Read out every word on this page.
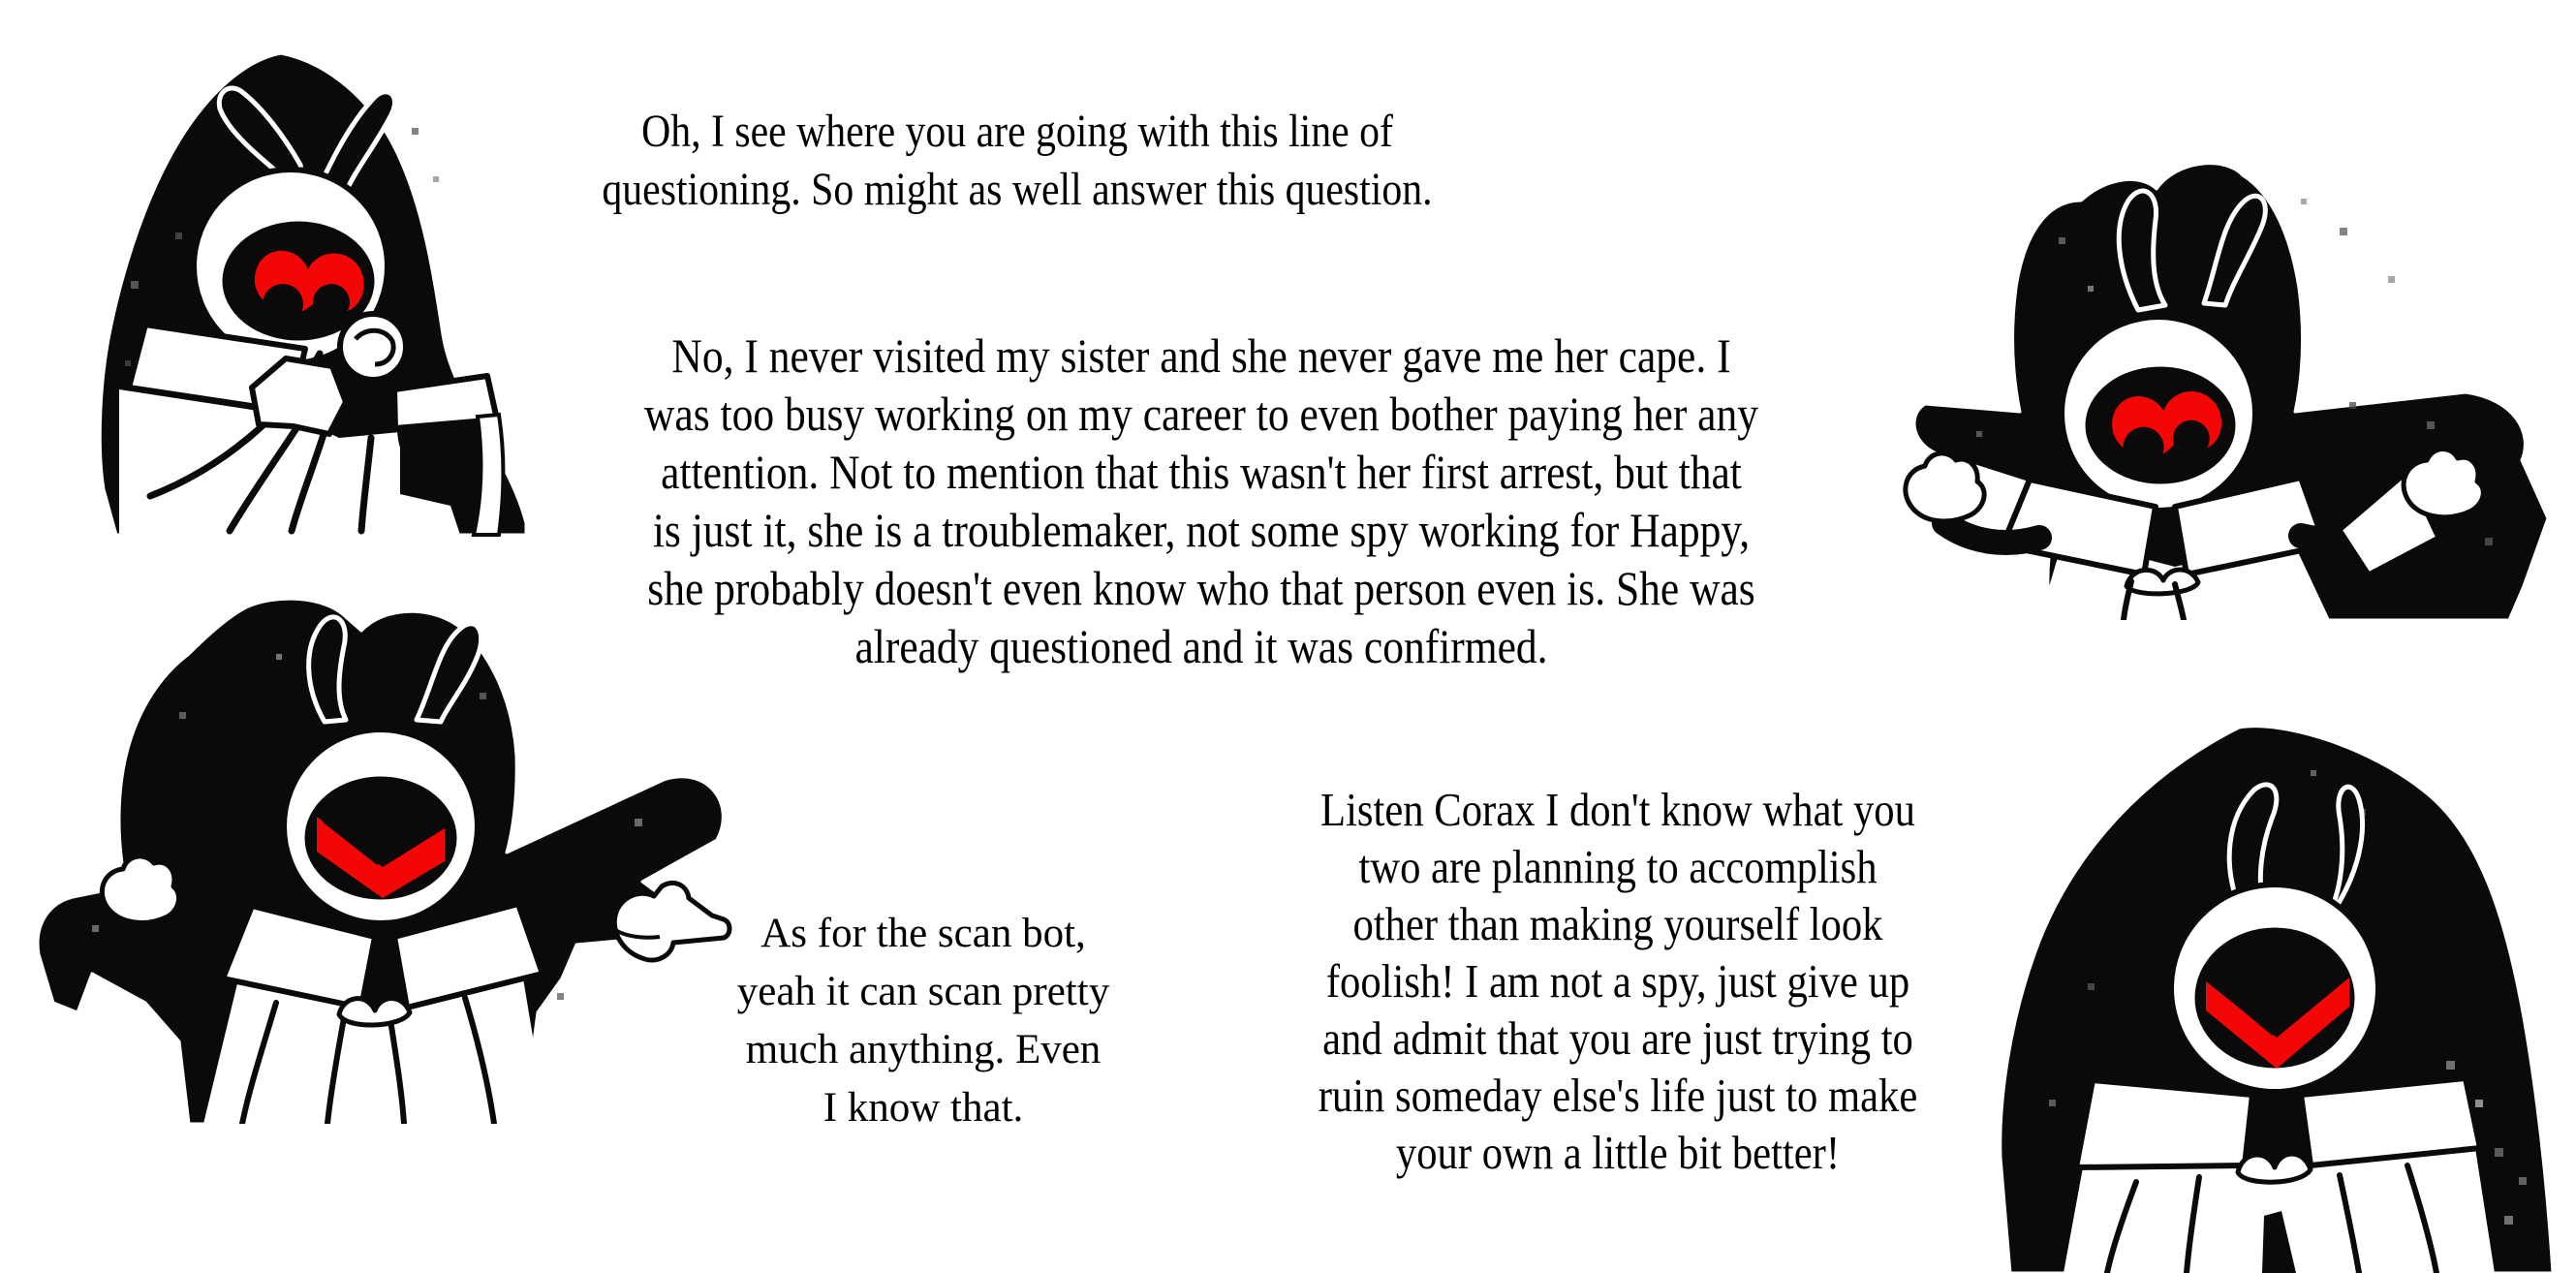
Oh, I see where you are going with this line of
questioning. So might as well answer this question.
No, I never visited my sister and she never gave me her cape. I
was too busy working on my career to even bother paying her any
attention. Not to mention that this wasn't her first arrest, but that
is just it, she is a troublemaker, not some spy working for Happy,
she probably doesn't even know who that person even is. She was
already questioned and it was confirmed.
As for the scan bot,
yeah it can scan pretty
much anything. Even
I know that.
Listen Corax I don't know what you
two are planning to accomplish
other than making yourself look
foolish! I am not a spy, just give up
and admit that you are just trying to
ruin someday else's life just to make
your own a little bit better!
